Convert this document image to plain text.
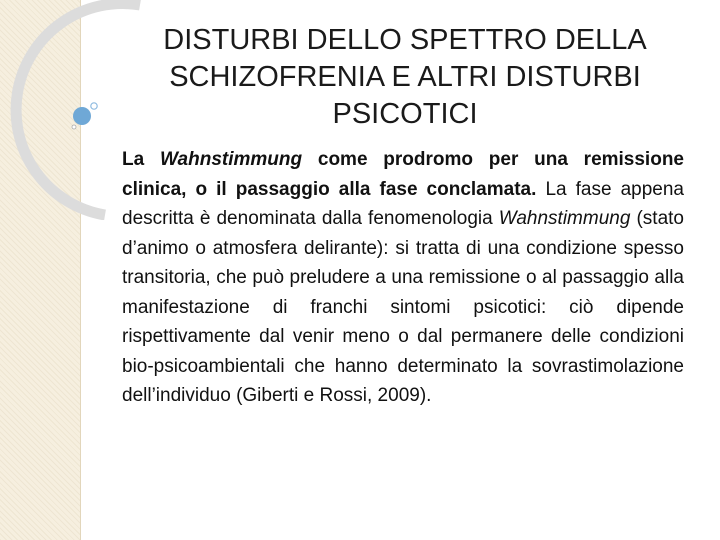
DISTURBI DELLO SPETTRO DELLA
SCHIZOFRENIA E ALTRI DISTURBI
PSICOTICI
La Wahnstimmung come prodromo per una remissione clinica, o il passaggio alla fase conclamata. La fase appena descritta è denominata dalla fenomenologia Wahnstimmung (stato d’animo o atmosfera delirante): si tratta di una condizione spesso transitoria, che può preludere a una remissione o al passaggio alla manifestazione di franchi sintomi psicotici: ciò dipende rispettivamente dal venir meno o dal permanere delle condizioni bio-psicoambientali che hanno determinato la sovrastimolazione dell’individuo (Giberti e Rossi, 2009).
